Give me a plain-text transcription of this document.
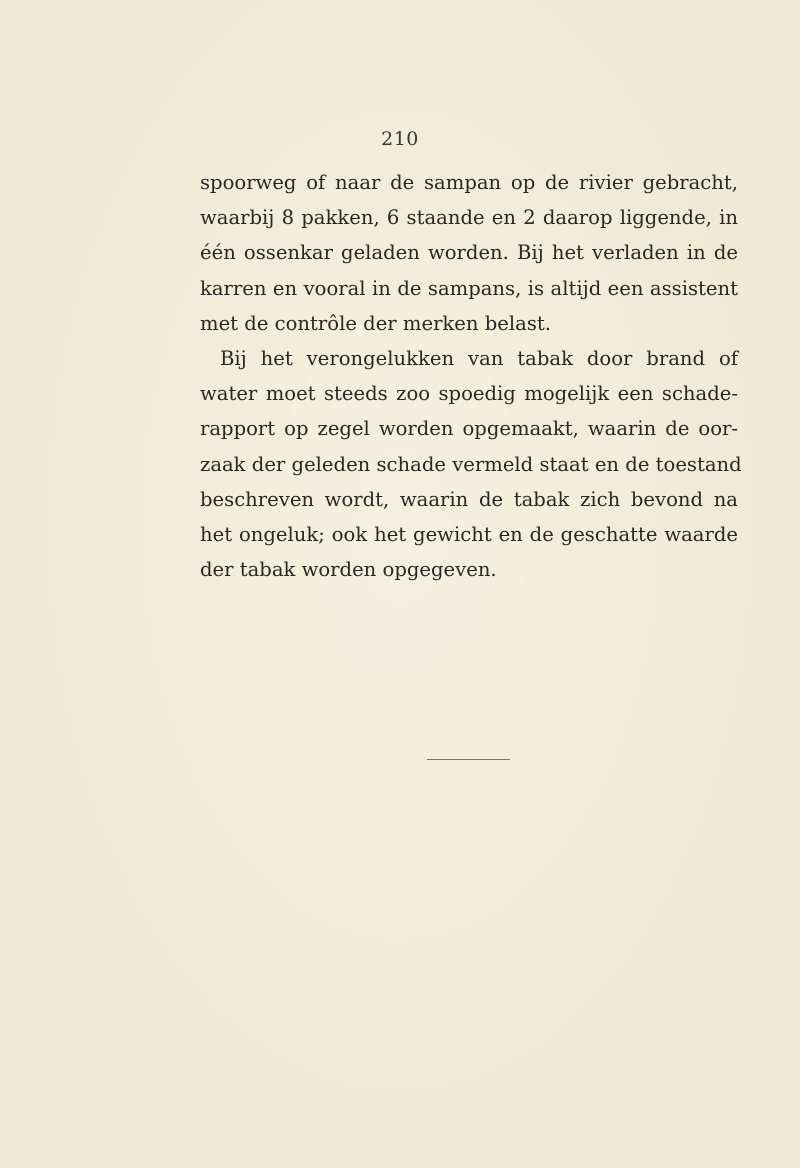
210
spoorweg of naar de sampan op de rivier gebracht,
waarbij 8 pakken, 6 staande en 2 daarop liggende, in
één ossenkar geladen worden. Bij het verladen in de
karren en vooral in de sampans, is altijd een assistent
met de contrôle der merken belast.
Bij het verongelukken van tabak door brand of
water moet steeds zoo spoedig mogelijk een schade-
rapport op zegel worden opgemaakt, waarin de oor-
zaak der geleden schade vermeld staat en de toestand
beschreven wordt, waarin de tabak zich bevond na
het ongeluk; ook het gewicht en de geschatte waarde
der tabak worden opgegeven.
